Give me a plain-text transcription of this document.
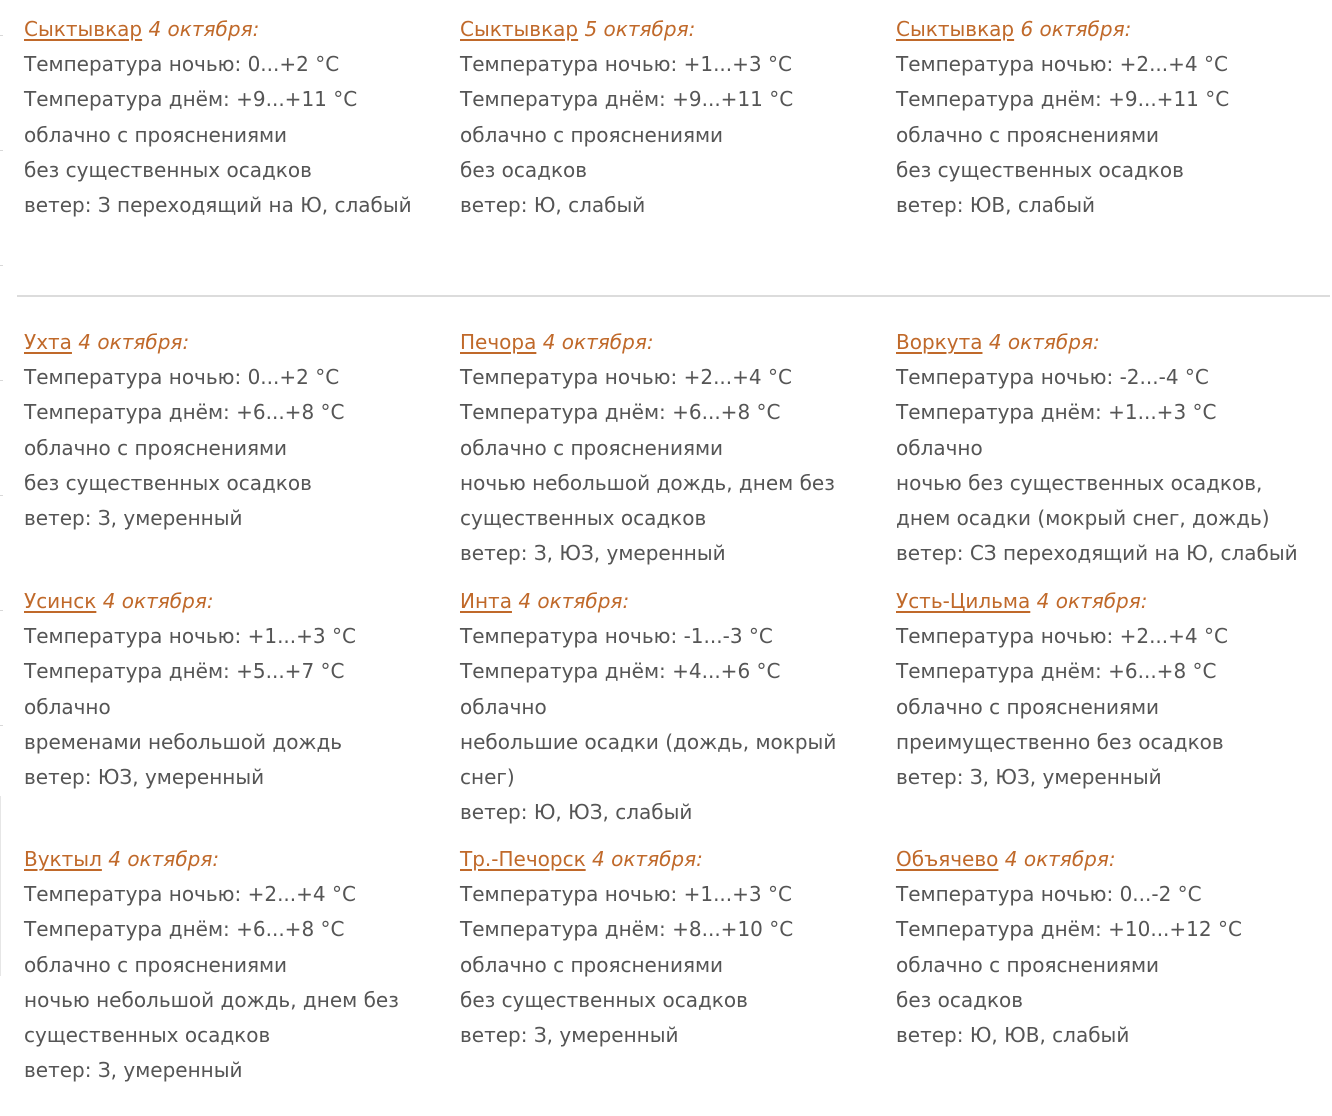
Сыктывкар 4 октября:
Температура ночью: 0...+2 °C
Температура днём: +9...+11 °C
облачно с прояснениями
без существенных осадков
ветер: З переходящий на Ю, слабый
Сыктывкар 5 октября:
Температура ночью: +1...+3 °C
Температура днём: +9...+11 °C
облачно с прояснениями
без осадков
ветер: Ю, слабый
Сыктывкар 6 октября:
Температура ночью: +2...+4 °C
Температура днём: +9...+11 °C
облачно с прояснениями
без существенных осадков
ветер: ЮВ, слабый
Ухта 4 октября:
Температура ночью: 0...+2 °C
Температура днём: +6...+8 °C
облачно с прояснениями
без существенных осадков
ветер: З, умеренный
Печора 4 октября:
Температура ночью: +2...+4 °C
Температура днём: +6...+8 °C
облачно с прояснениями
ночью небольшой дождь, днем без существенных осадков
ветер: З, ЮЗ, умеренный
Воркута 4 октября:
Температура ночью: -2...-4 °C
Температура днём: +1...+3 °C
облачно
ночью без существенных осадков, днем осадки (мокрый снег, дождь)
ветер: СЗ переходящий на Ю, слабый
Усинск 4 октября:
Температура ночью: +1...+3 °C
Температура днём: +5...+7 °C
облачно
временами небольшой дождь
ветер: ЮЗ, умеренный
Инта 4 октября:
Температура ночью: -1...-3 °C
Температура днём: +4...+6 °C
облачно
небольшие осадки (дождь, мокрый снег)
ветер: Ю, ЮЗ, слабый
Усть-Цильма 4 октября:
Температура ночью: +2...+4 °C
Температура днём: +6...+8 °C
облачно с прояснениями
преимущественно без осадков
ветер: З, ЮЗ, умеренный
Вуктыл 4 октября:
Температура ночью: +2...+4 °C
Температура днём: +6...+8 °C
облачно с прояснениями
ночью небольшой дождь, днем без существенных осадков
ветер: З, умеренный
Тр.-Печорск 4 октября:
Температура ночью: +1...+3 °C
Температура днём: +8...+10 °C
облачно с прояснениями
без существенных осадков
ветер: З, умеренный
Объячево 4 октября:
Температура ночью: 0...-2 °C
Температура днём: +10...+12 °C
облачно с прояснениями
без осадков
ветер: Ю, ЮВ, слабый
